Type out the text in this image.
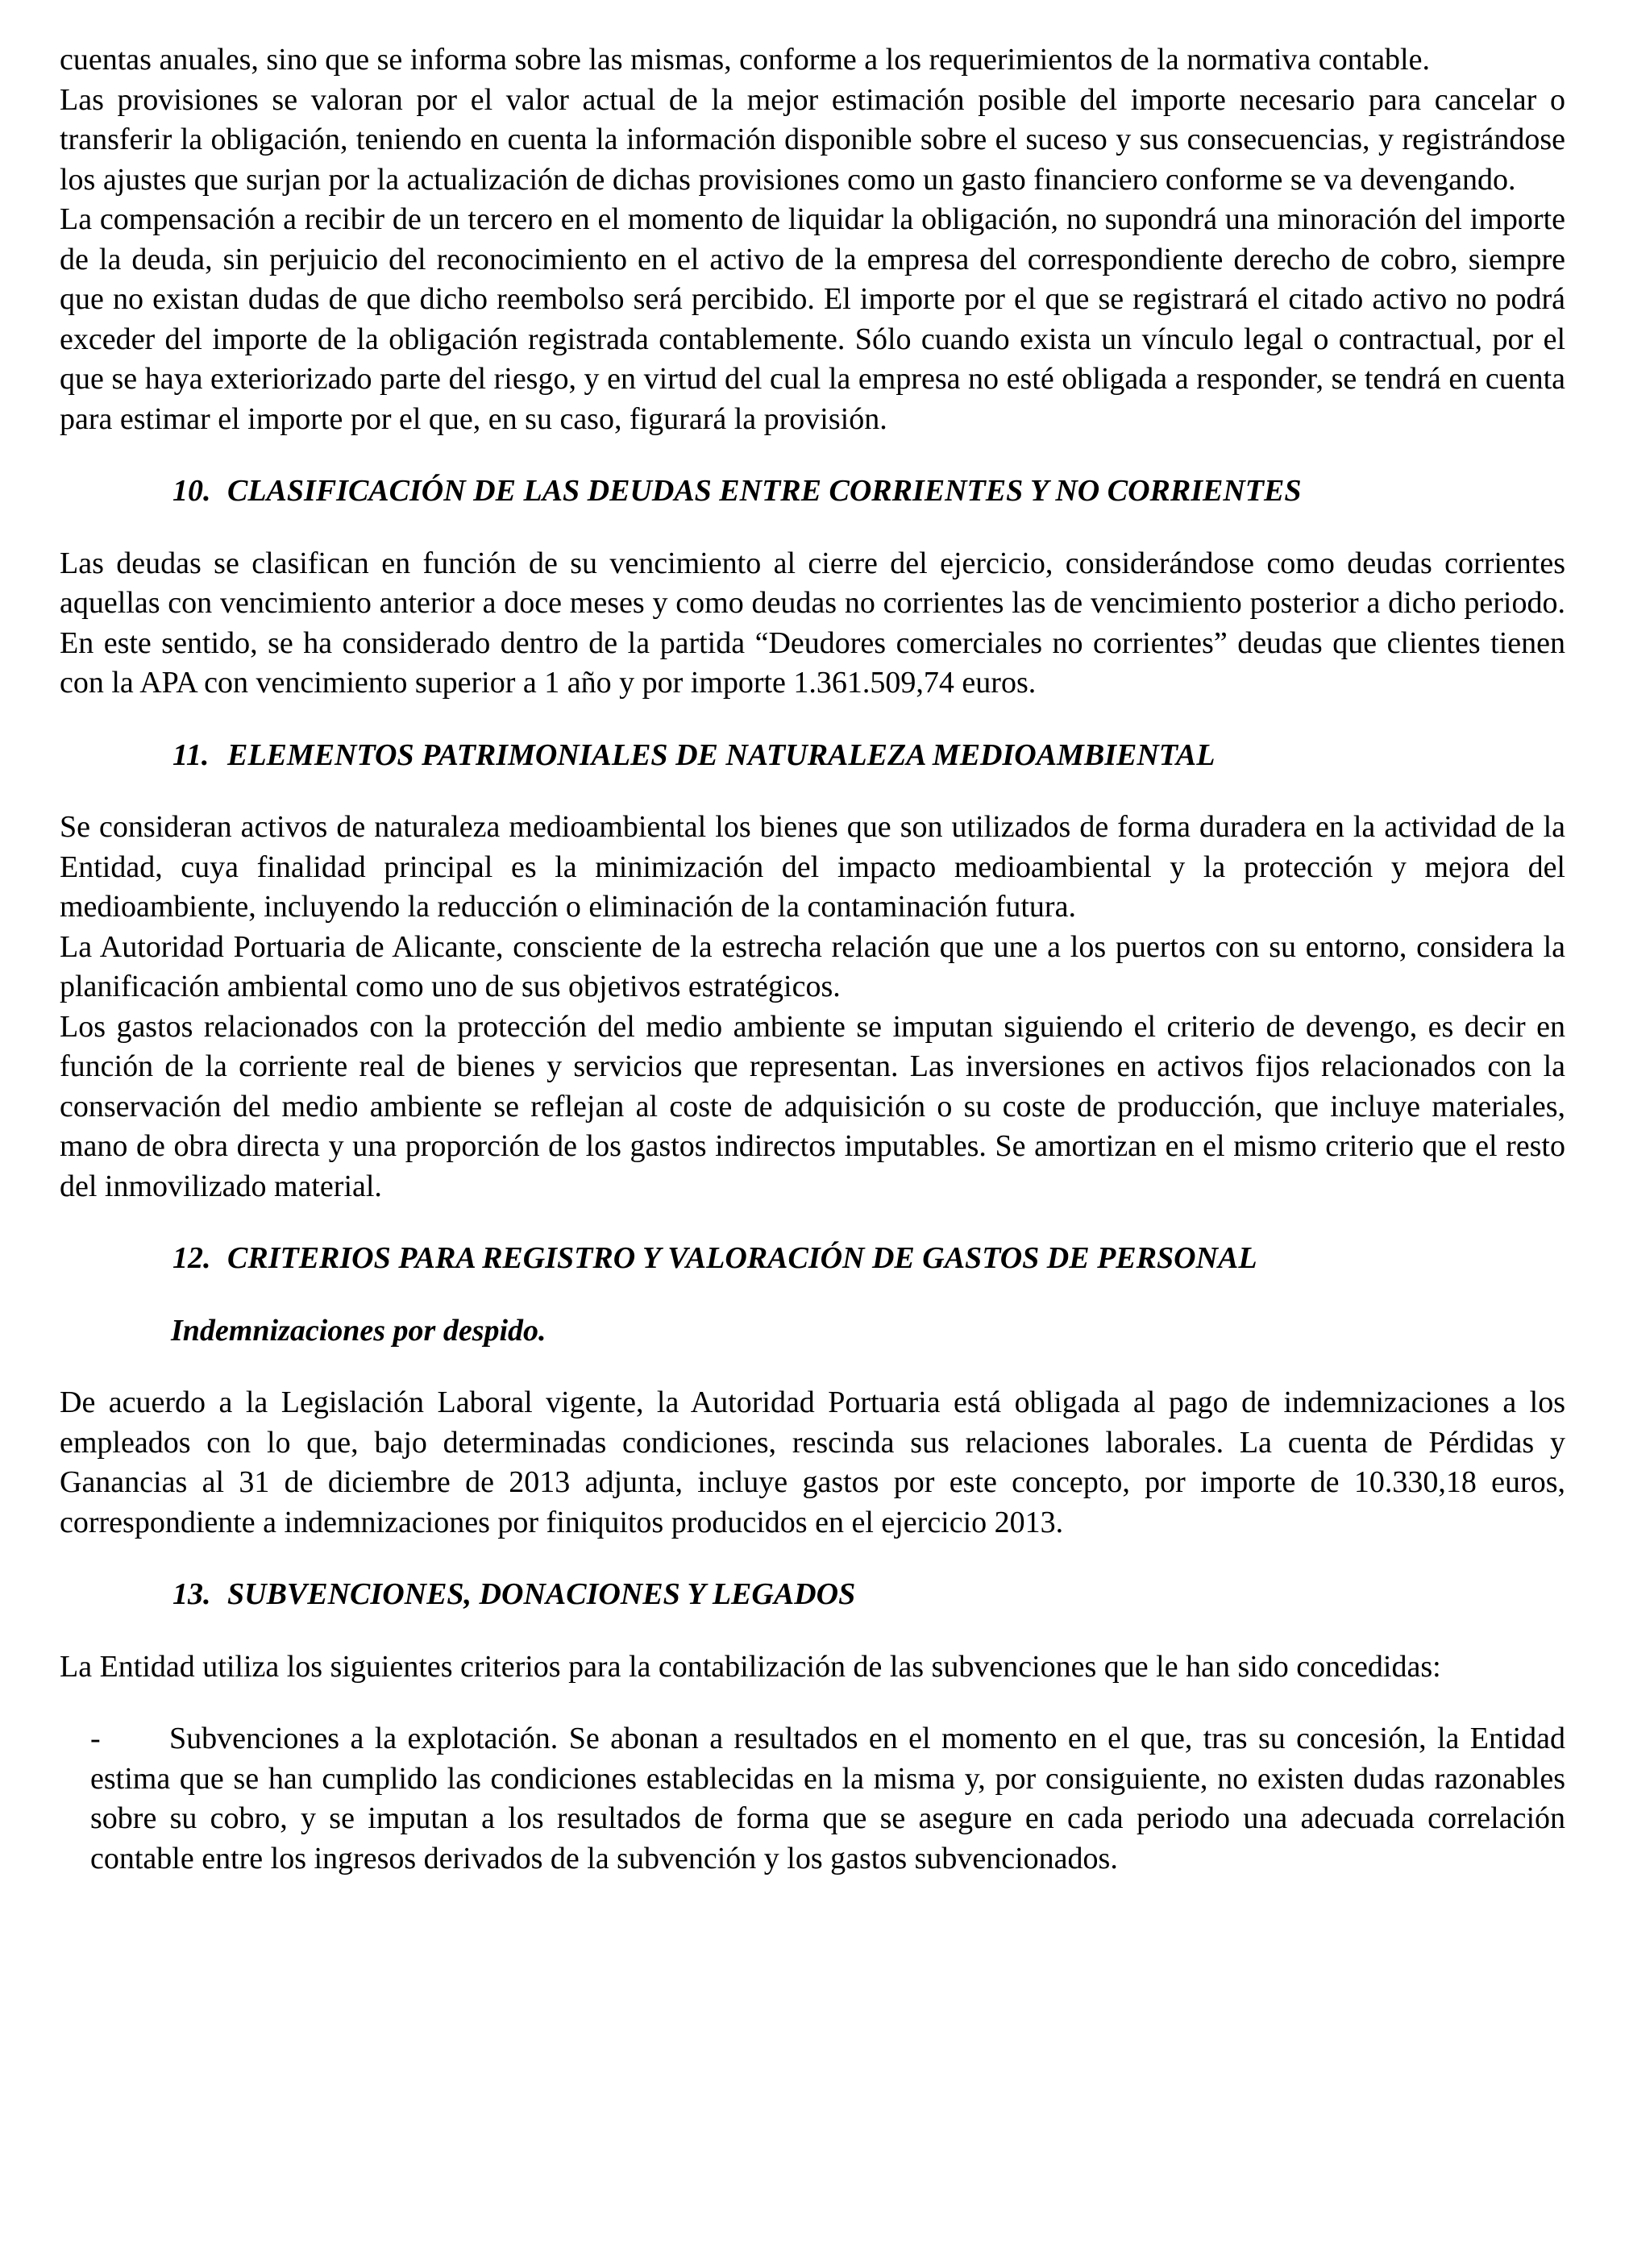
cuentas anuales, sino que se informa sobre las mismas, conforme a los requerimientos de la normativa contable.

Las provisiones se valoran por el valor actual de la mejor estimación posible del importe necesario para cancelar o transferir la obligación, teniendo en cuenta la información disponible sobre el suceso y sus consecuencias, y registrándose los ajustes que surjan por la actualización de dichas provisiones como un gasto financiero conforme se va devengando.

La compensación a recibir de un tercero en el momento de liquidar la obligación, no supondrá una minoración del importe de la deuda, sin perjuicio del reconocimiento en el activo de la empresa del correspondiente derecho de cobro, siempre que no existan dudas de que dicho reembolso será percibido. El importe por el que se registrará el citado activo no podrá exceder del importe de la obligación registrada contablemente. Sólo cuando exista un vínculo legal o contractual, por el que se haya exteriorizado parte del riesgo, y en virtud del cual la empresa no esté obligada a responder, se tendrá en cuenta para estimar el importe por el que, en su caso, figurará la provisión.

10. CLASIFICACIÓN DE LAS DEUDAS ENTRE CORRIENTES Y NO CORRIENTES

Las deudas se clasifican en función de su vencimiento al cierre del ejercicio, considerándose como deudas corrientes aquellas con vencimiento anterior a doce meses y como deudas no corrientes las de vencimiento posterior a dicho periodo. En este sentido, se ha considerado dentro de la partida “Deudores comerciales no corrientes” deudas que clientes tienen con la APA con vencimiento superior a 1 año y por importe 1.361.509,74 euros.

11. ELEMENTOS PATRIMONIALES DE NATURALEZA MEDIOAMBIENTAL

Se consideran activos de naturaleza medioambiental los bienes que son utilizados de forma duradera en la actividad de la Entidad, cuya finalidad principal es la minimización del impacto medioambiental y la protección y mejora del medioambiente, incluyendo la reducción o eliminación de la contaminación futura.

La Autoridad Portuaria de Alicante, consciente de la estrecha relación que une a los puertos con su entorno, considera la planificación ambiental como uno de sus objetivos estratégicos.

Los gastos relacionados con la protección del medio ambiente se imputan siguiendo el criterio de devengo, es decir en función de la corriente real de bienes y servicios que representan. Las inversiones en activos fijos relacionados con la conservación del medio ambiente se reflejan al coste de adquisición o su coste de producción, que incluye materiales, mano de obra directa y una proporción de los gastos indirectos imputables. Se amortizan en el mismo criterio que el resto del inmovilizado material.

12. CRITERIOS PARA REGISTRO Y VALORACIÓN DE GASTOS DE PERSONAL
Indemnizaciones por despido.

De acuerdo a la Legislación Laboral vigente, la Autoridad Portuaria está obligada al pago de indemnizaciones a los empleados con lo que, bajo determinadas condiciones, rescinda sus relaciones laborales. La cuenta de Pérdidas y Ganancias al 31 de diciembre de 2013 adjunta, incluye gastos por este concepto, por importe de 10.330,18 euros, correspondiente a indemnizaciones por finiquitos producidos en el ejercicio 2013.

13. SUBVENCIONES, DONACIONES Y LEGADOS

La Entidad utiliza los siguientes criterios para la contabilización de las subvenciones que le han sido concedidas:

- Subvenciones a la explotación. Se abonan a resultados en el momento en el que, tras su concesión, la Entidad estima que se han cumplido las condiciones establecidas en la misma y, por consiguiente, no existen dudas razonables sobre su cobro, y se imputan a los resultados de forma que se asegure en cada periodo una adecuada correlación contable entre los ingresos derivados de la subvención y los gastos subvencionados.
